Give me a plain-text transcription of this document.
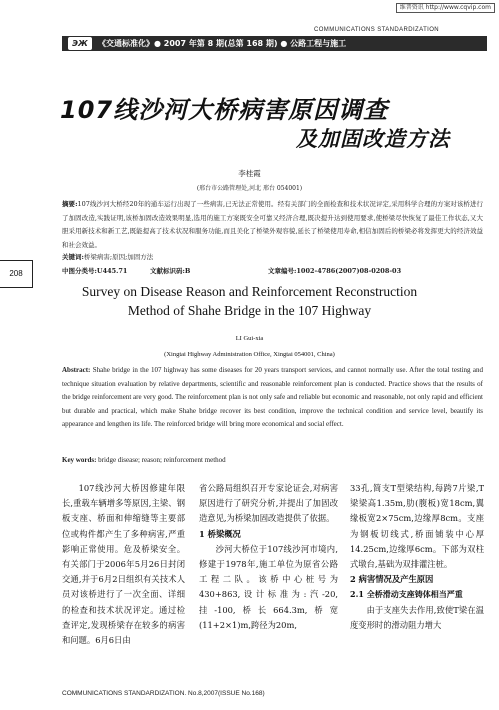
维普资讯 http://www.cqvip.com
COMMUNICATIONS STANDARDIZATION
ЭЖ	《交通标准化》● 2007 年第 8 期(总第 168 期) ● 公路工程与施工
107线沙河大桥病害原因调查
及加固改造方法
李桂霞
(邢台市公路管理处,河北 邢台 054001)
摘要:107线沙河大桥经20年的通车运行出现了一些病害,已无法正常使用。经有关部门的全面检查和技术状况评定,采用科学合理的方案对该桥进行了加固改造,实践证明,该桥加固改造效果明显,选用的施工方案既安全可靠又经济合理,既决提升达到使用要求,使桥梁尽快恢复了最佳工作状态,又大胆采用新技术和新工艺,既能提高了技术状况和服务功能,而且美化了桥梁外观容貌,延长了桥梁使用寿命,相信加固后的桥梁必将发挥更大的经济效益和社会效益。
关键词:桥梁病害;原因;加固方法
中图分类号:U445.71	文献标识码:B	文章编号:1002-4786(2007)08-0208-03
Survey on Disease Reason and Reinforcement Reconstruction
Method of Shahe Bridge in the 107 Highway
LI Gui-xia
(Xingtai Highway Administration Office, Xingtai 054001, China)
Abstract: Shahe bridge in the 107 highway has some diseases for 20 years transport services, and cannot normally use. After the total testing and technique situation evaluation by relative departments, scientific and reasonable reinforcement plan is conducted. Practice shows that the results of the bridge reinforcement are very good. The reinforcement plan is not only safe and reliable but economic and reasonable, not only rapid and efficient but durable and practical, which make Shahe bridge recover its best condition, improve the technical condition and service level, beautify its appearance and lengthen its life. The reinforced bridge will bring more economical and social effect.
Key words: bridge disease; reason; reinforcement method
208

107线沙河大桥因修建年限长,重载车辆增多等原因,主梁、钢板支座、桥面和伸缩缝等主要部位或构件都产生了多种病害,严重影响正常使用。危及桥梁安全。有关部门于2006年5月26日封闭交通,并于6月2日组织有关技术人员对该桥进行了一次全面、详细的检查和技术状况评定。通过检查评定,发现桥梁存在较多的病害和问题。6月6日由

省公路局组织召开专家论证会,对病害原因进行了研究分析,并提出了加固改造意见,为桥梁加固改造提供了依据。

1 桥梁概况

沙河大桥位于107线沙河市境内,修建于1978年,施工单位为原省公路工程二队。该桥中心桩号为430+863,设计标准为:汽-20,挂-100,桥长664.3m,桥宽(11+2×1)m,跨径为20m,

33孔,简支T型梁结构,每跨7片梁,T梁梁高1.35m,肋(腹板)宽18cm,翼缘板宽2×75cm,边缘厚8cm。支座为钢板切线式,桥面铺装中心厚14.25cm,边缘厚6cm。下部为双柱式墩台,基础为双排灌注桩。

2 病害情况及产生原因

2.1 全桥滑动支座铸体相当严重

由于支座失去作用,致使T梁在温度变形时的滑动阻力增大

COMMUNICATIONS STANDARDIZATION. No.8,2007(ISSUE No.168)
